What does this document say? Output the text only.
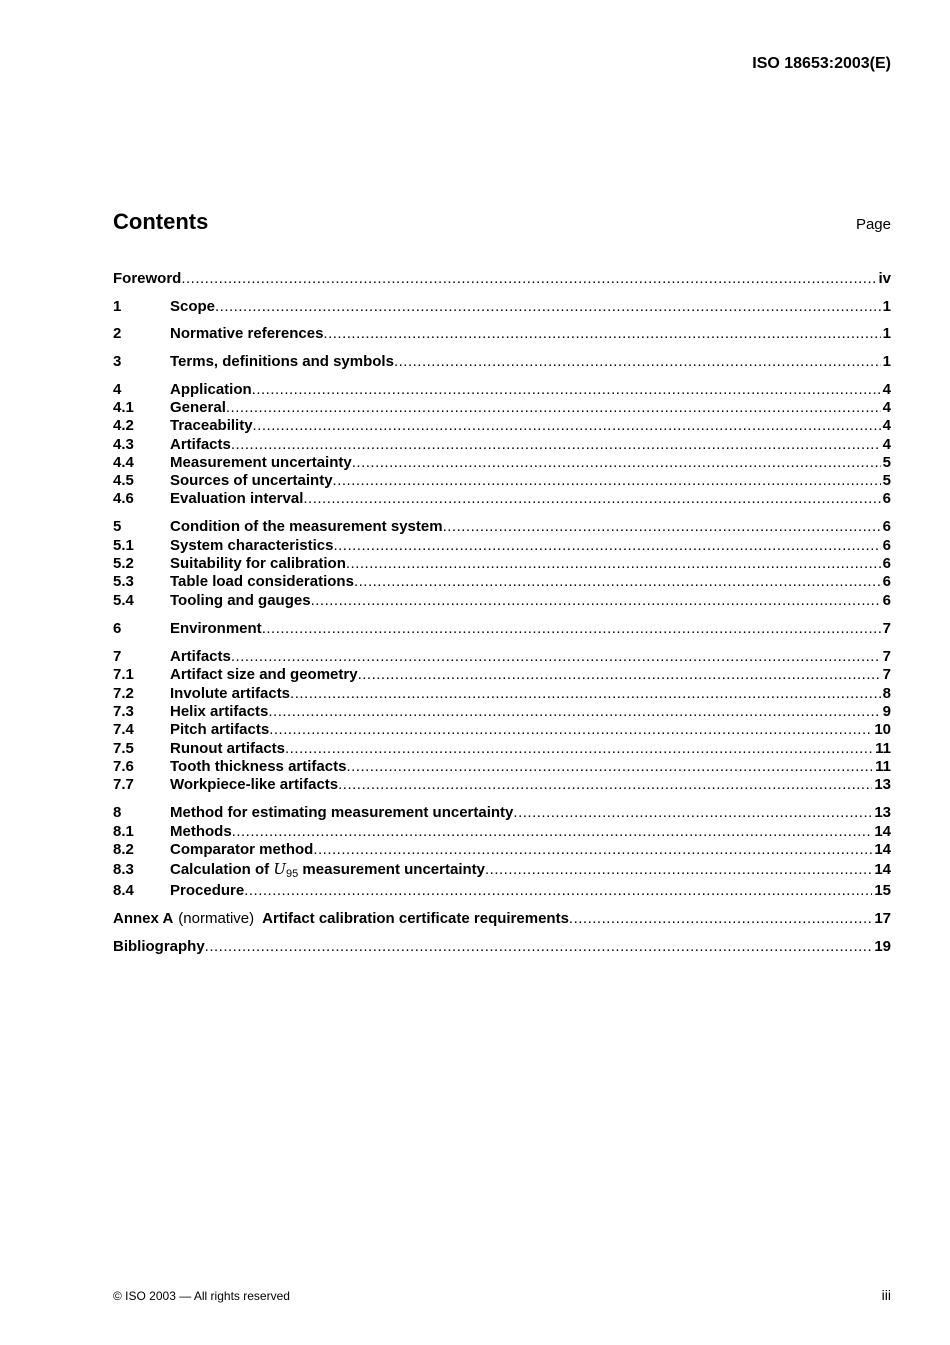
ISO 18653:2003(E)
Contents	Page
Foreword .....	iv
1	Scope .....	1
2	Normative references .....	1
3	Terms, definitions and symbols .....	1
4	Application .....	4
4.1	General .....	4
4.2	Traceability .....	4
4.3	Artifacts .....	4
4.4	Measurement uncertainty .....	5
4.5	Sources of uncertainty .....	5
4.6	Evaluation interval .....	6
5	Condition of the measurement system .....	6
5.1	System characteristics .....	6
5.2	Suitability for calibration .....	6
5.3	Table load considerations .....	6
5.4	Tooling and gauges .....	6
6	Environment .....	7
7	Artifacts .....	7
7.1	Artifact size and geometry .....	7
7.2	Involute artifacts .....	8
7.3	Helix artifacts .....	9
7.4	Pitch artifacts .....	10
7.5	Runout artifacts .....	11
7.6	Tooth thickness artifacts .....	11
7.7	Workpiece-like artifacts .....	13
8	Method for estimating measurement uncertainty .....	13
8.1	Methods .....	14
8.2	Comparator method .....	14
8.3	Calculation of $U_{95}$ measurement uncertainty .....	14
8.4	Procedure .....	15
Annex A (normative) Artifact calibration certificate requirements .....	17
Bibliography .....	19
© ISO 2003 — All rights reserved	iii
